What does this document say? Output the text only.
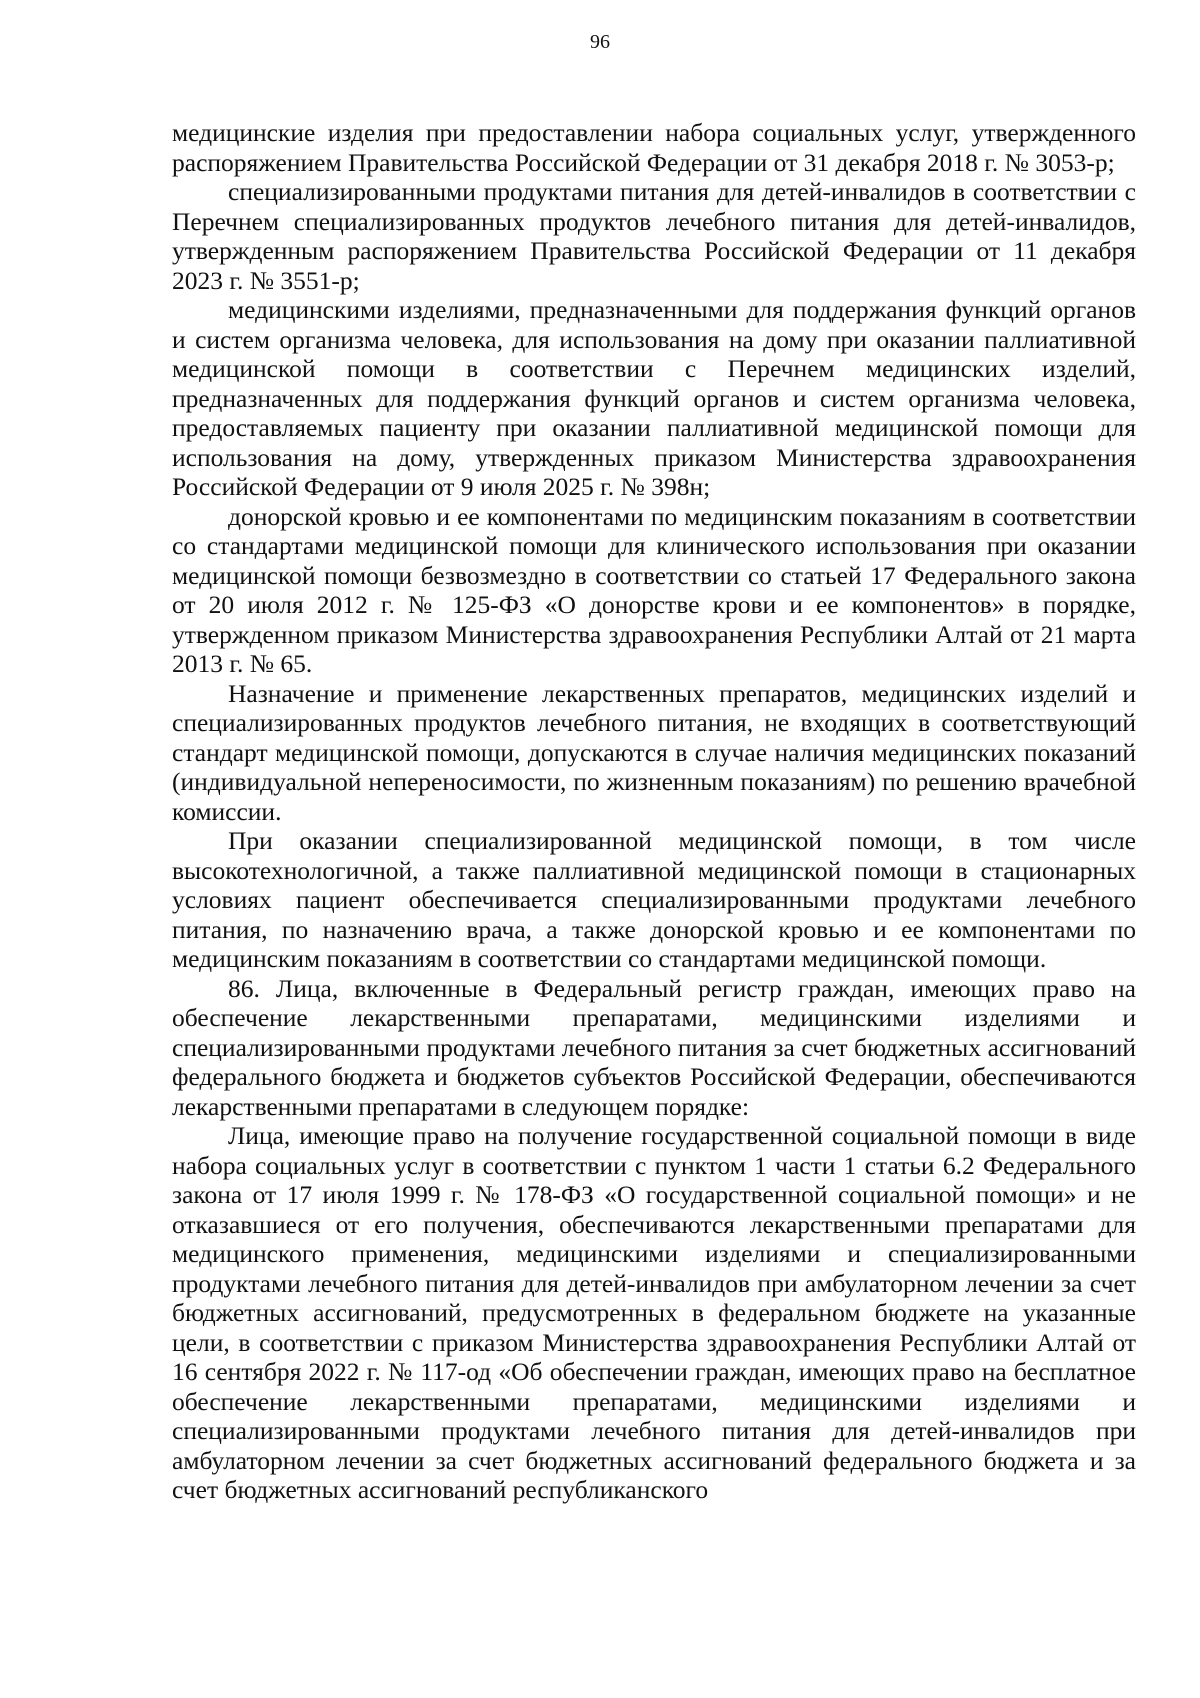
96

медицинские изделия при предоставлении набора социальных услуг, утвержденного распоряжением Правительства Российской Федерации от 31 декабря 2018 г. № 3053-р;

специализированными продуктами питания для детей-инвалидов в соответствии с Перечнем специализированных продуктов лечебного питания для детей-инвалидов, утвержденным распоряжением Правительства Российской Федерации от 11 декабря 2023 г. № 3551-р;

медицинскими изделиями, предназначенными для поддержания функций органов и систем организма человека, для использования на дому при оказании паллиативной медицинской помощи в соответствии с Перечнем медицинских изделий, предназначенных для поддержания функций органов и систем организма человека, предоставляемых пациенту при оказании паллиативной медицинской помощи для использования на дому, утвержденных приказом Министерства здравоохранения Российской Федерации от 9 июля 2025 г. № 398н;

донорской кровью и ее компонентами по медицинским показаниям в соответствии со стандартами медицинской помощи для клинического использования при оказании медицинской помощи безвозмездно в соответствии со статьей 17 Федерального закона от 20 июля 2012 г. № 125-ФЗ «О донорстве крови и ее компонентов» в порядке, утвержденном приказом Министерства здравоохранения Республики Алтай от 21 марта 2013 г. № 65.

Назначение и применение лекарственных препаратов, медицинских изделий и специализированных продуктов лечебного питания, не входящих в соответствующий стандарт медицинской помощи, допускаются в случае наличия медицинских показаний (индивидуальной непереносимости, по жизненным показаниям) по решению врачебной комиссии.

При оказании специализированной медицинской помощи, в том числе высокотехнологичной, а также паллиативной медицинской помощи в стационарных условиях пациент обеспечивается специализированными продуктами лечебного питания, по назначению врача, а также донорской кровью и ее компонентами по медицинским показаниям в соответствии со стандартами медицинской помощи.

86. Лица, включенные в Федеральный регистр граждан, имеющих право на обеспечение лекарственными препаратами, медицинскими изделиями и специализированными продуктами лечебного питания за счет бюджетных ассигнований федерального бюджета и бюджетов субъектов Российской Федерации, обеспечиваются лекарственными препаратами в следующем порядке:

Лица, имеющие право на получение государственной социальной помощи в виде набора социальных услуг в соответствии с пунктом 1 части 1 статьи 6.2 Федерального закона от 17 июля 1999 г. № 178-ФЗ «О государственной социальной помощи» и не отказавшиеся от его получения, обеспечиваются лекарственными препаратами для медицинского применения, медицинскими изделиями и специализированными продуктами лечебного питания для детей-инвалидов при амбулаторном лечении за счет бюджетных ассигнований, предусмотренных в федеральном бюджете на указанные цели, в соответствии с приказом Министерства здравоохранения Республики Алтай от 16 сентября 2022 г. № 117-од «Об обеспечении граждан, имеющих право на бесплатное обеспечение лекарственными препаратами, медицинскими изделиями и специализированными продуктами лечебного питания для детей-инвалидов при амбулаторном лечении за счет бюджетных ассигнований федерального бюджета и за счет бюджетных ассигнований республиканского
